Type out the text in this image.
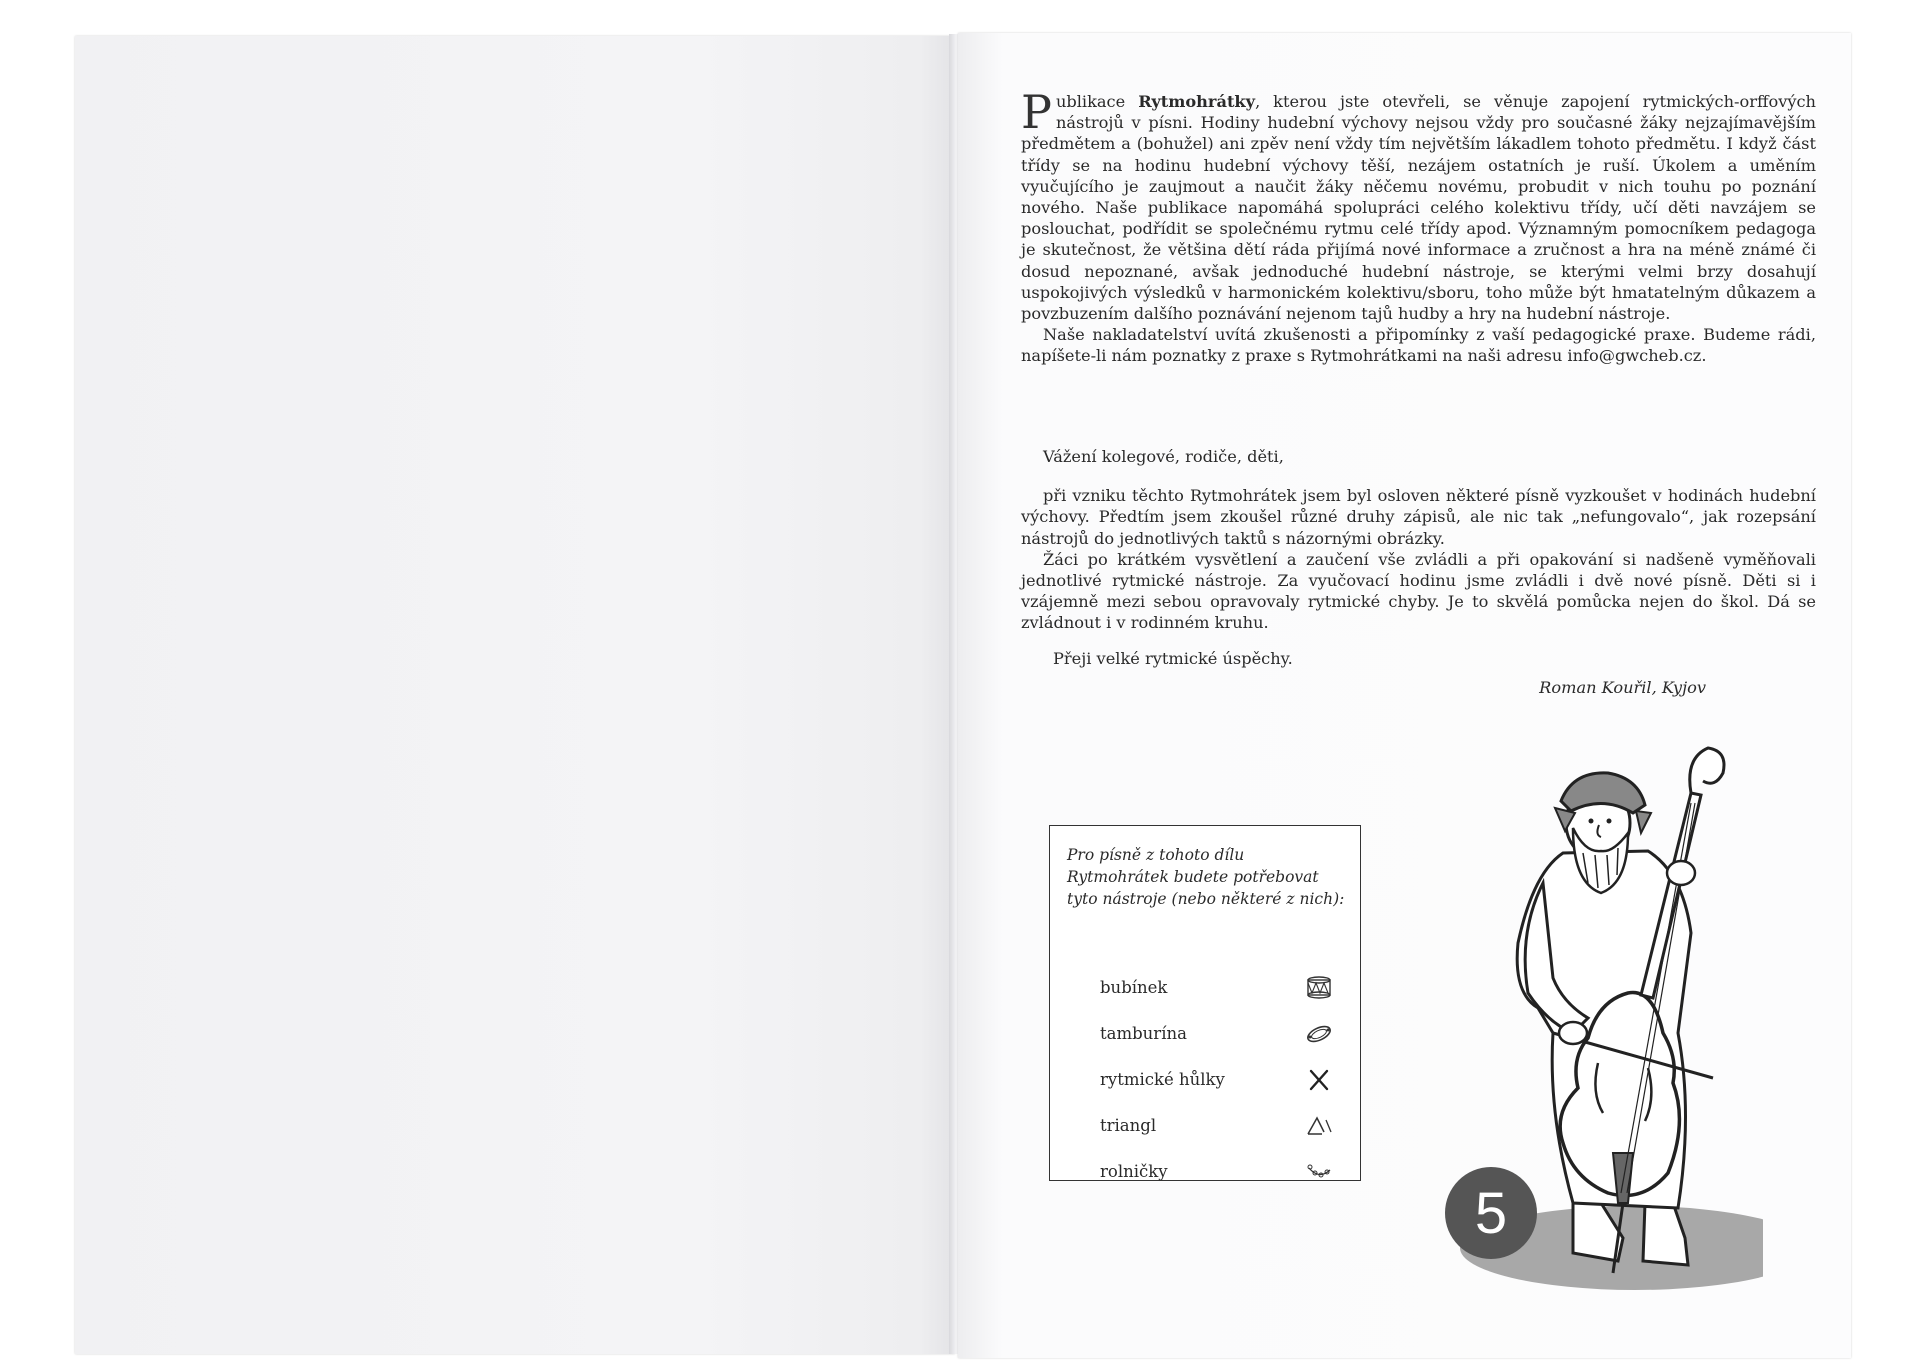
Publikace Rytmohrátky, kterou jste otevřeli, se věnuje zapojení rytmických-orffových nástrojů v písni. Hodiny hudební výchovy nejsou vždy pro současné žáky nejzajímavějším předmětem a (bohužel) ani zpěv není vždy tím největším lákadlem tohoto předmětu. I když část třídy se na hodinu hudební výchovy těší, nezájem ostatních je ruší. Úkolem a uměním vyučujícího je zaujmout a naučit žáky něčemu novému, probudit v nich touhu po poznání nového. Naše publikace napomáhá spolupráci celého kolektivu třídy, učí děti navzájem se poslouchat, podřídit se společnému rytmu celé třídy apod. Významným pomocníkem pedagoga je skutečnost, že většina dětí ráda přijímá nové informace a zručnost a hra na méně známé či dosud nepoznané, avšak jednoduché hudební nástroje, se kterými velmi brzy dosahují uspokojivých výsledků v harmonickém kolektivu/sboru, toho může být hmatatelným důkazem a povzbuzením dalšího poznávání nejenom tajů hudby a hry na hudební nástroje.

Naše nakladatelství uvítá zkušenosti a připomínky z vaší pedagogické praxe. Budeme rádi, napíšete-li nám poznatky z praxe s Rytmohrátkami na naši adresu info@gwcheb.cz.

Vážení kolegové, rodiče, děti,

při vzniku těchto Rytmohrátek jsem byl osloven některé písně vyzkoušet v hodinách hudební výchovy. Předtím jsem zkoušel různé druhy zápisů, ale nic tak „nefungovalo“, jak rozepsání nástrojů do jednotlivých taktů s názornými obrázky.

Žáci po krátkém vysvětlení a zaučení vše zvládli a při opakování si nadšeně vyměňovali jednotlivé rytmické nástroje. Za vyučovací hodinu jsme zvládli i dvě nové písně. Děti si i vzájemně mezi sebou opravovaly rytmické chyby. Je to skvělá pomůcka nejen do škol. Dá se zvládnout i v rodinném kruhu.

Přeji velké rytmické úspěchy.

Roman Kouřil, Kyjov

Pro písně z tohoto dílu Rytmohrátek budete potřebovat tyto nástroje (nebo některé z nich):
bubínek
tamburína
rytmické hůlky
triangl
rolničky
5
